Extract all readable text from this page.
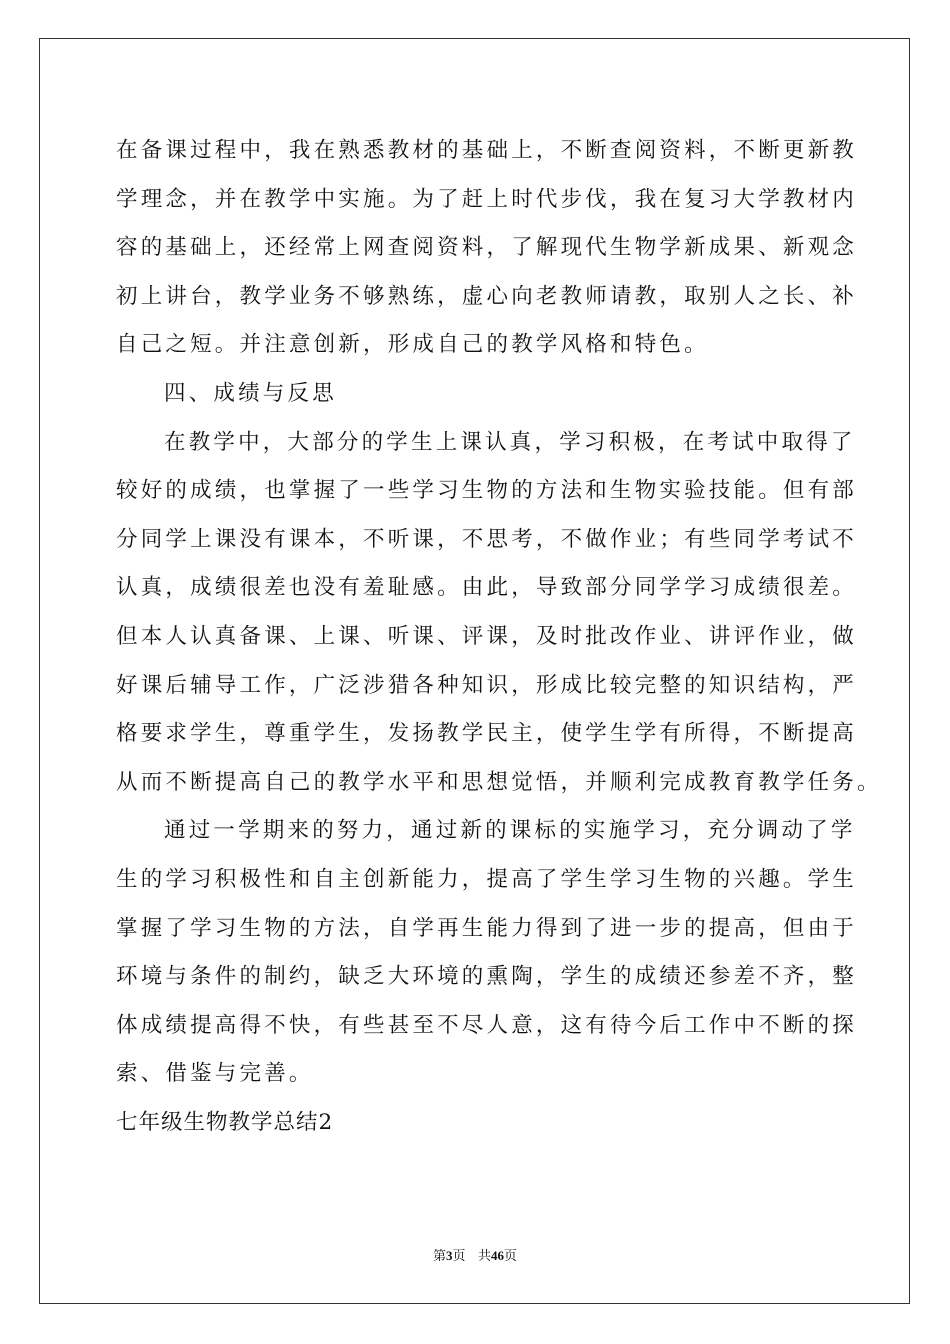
在备课过程中，我在熟悉教材的基础上，不断查阅资料，不断更新教
学理念，并在教学中实施。为了赶上时代步伐，我在复习大学教材内
容的基础上，还经常上网查阅资料，了解现代生物学新成果、新观念
初上讲台，教学业务不够熟练，虚心向老教师请教，取别人之长、补
自己之短。并注意创新，形成自己的教学风格和特色。
四、成绩与反思
在教学中，大部分的学生上课认真，学习积极，在考试中取得了
较好的成绩，也掌握了一些学习生物的方法和生物实验技能。但有部
分同学上课没有课本，不听课，不思考，不做作业；有些同学考试不
认真，成绩很差也没有羞耻感。由此，导致部分同学学习成绩很差。
但本人认真备课、上课、听课、评课，及时批改作业、讲评作业，做
好课后辅导工作，广泛涉猎各种知识，形成比较完整的知识结构，严
格要求学生，尊重学生，发扬教学民主，使学生学有所得，不断提高
从而不断提高自己的教学水平和思想觉悟，并顺利完成教育教学任务。
通过一学期来的努力，通过新的课标的实施学习，充分调动了学
生的学习积极性和自主创新能力，提高了学生学习生物的兴趣。学生
掌握了学习生物的方法，自学再生能力得到了进一步的提高，但由于
环境与条件的制约，缺乏大环境的熏陶，学生的成绩还参差不齐，整
体成绩提高得不快，有些甚至不尽人意，这有待今后工作中不断的探
索、借鉴与完善。
七年级生物教学总结2
第3页 共46页
